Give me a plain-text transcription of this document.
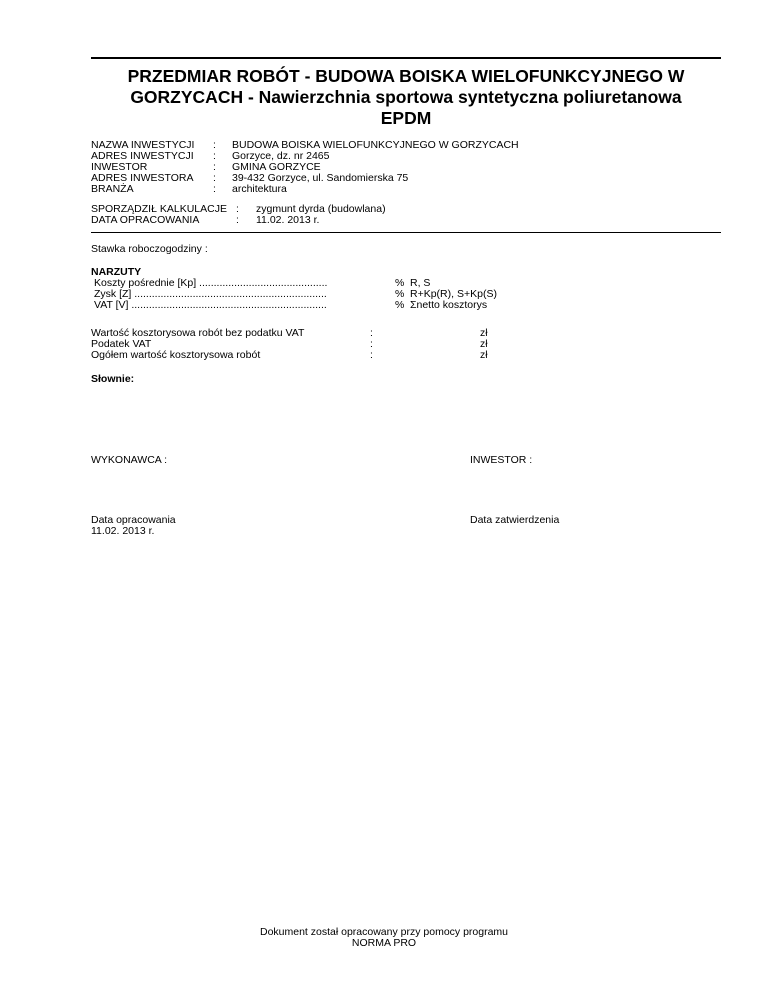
PRZEDMIAR ROBÓT - BUDOWA BOISKA WIELOFUNKCYJNEGO W
GORZYCACH - Nawierzchnia sportowa syntetyczna poliuretanowa
EPDM
NAZWA INWESTYCJI : BUDOWA BOISKA WIELOFUNKCYJNEGO W GORZYCACH
ADRES INWESTYCJI : Gorzyce, dz. nr 2465
INWESTOR	: GMINA GORZYCE
ADRES INWESTORA : 39-432 Gorzyce, ul. Sandomierska 75
BRANŻA	: architektura
SPORZĄDZIŁ KALKULACJE : zygmunt dyrda (budowlana)
DATA OPRACOWANIA	: 11.02. 2013 r.
Stawka roboczogodziny :
NARZUTY
Koszty pośrednie [Kp] ............................................	% R, S
Zysk [Z] ..................................................................	% R+Kp(R), S+Kp(S)
VAT [V] ...................................................................	% Σnetto kosztorys
Wartość kosztorysowa robót bez podatku VAT	:	zł
Podatek VAT	:	zł
Ogółem wartość kosztorysowa robót	:	zł
Słownie:
WYKONAWCA :	INWESTOR :
Data opracowania
11.02. 2013 r.
Data zatwierdzenia
Dokument został opracowany przy pomocy programu
NORMA PRO
